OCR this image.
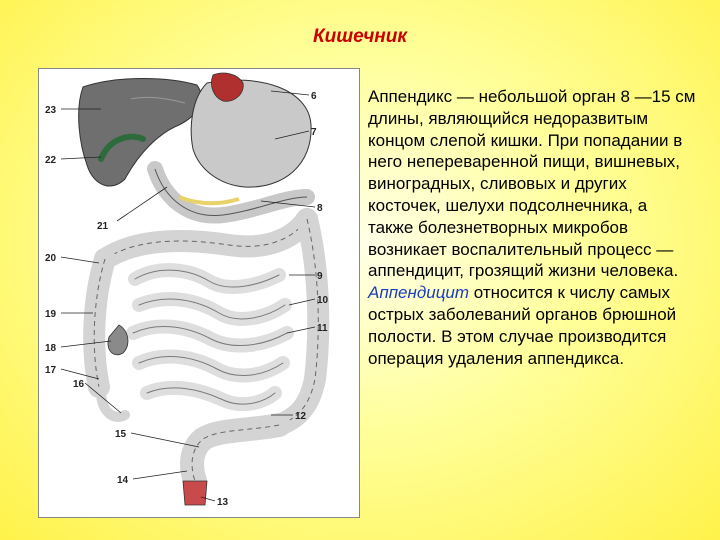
Кишечник
23
6
7
22
8
21
20
9
10
19
11
18
17
16
12
15
14
13
Аппендикс — небольшой орган 8 —15 см длины, являющийся недоразвитым концом слепой кишки. При попадании в него непереваренной пищи, вишневых, виноградных, сливовых и других косточек, шелухи подсолнечника, а также болезнетворных микробов возникает воспалительный процесс — аппендицит, грозящий жизни человека. Аппендицит относится к числу самых острых заболеваний органов брюшной полости. В этом случае производится операция удаления аппендикса.
